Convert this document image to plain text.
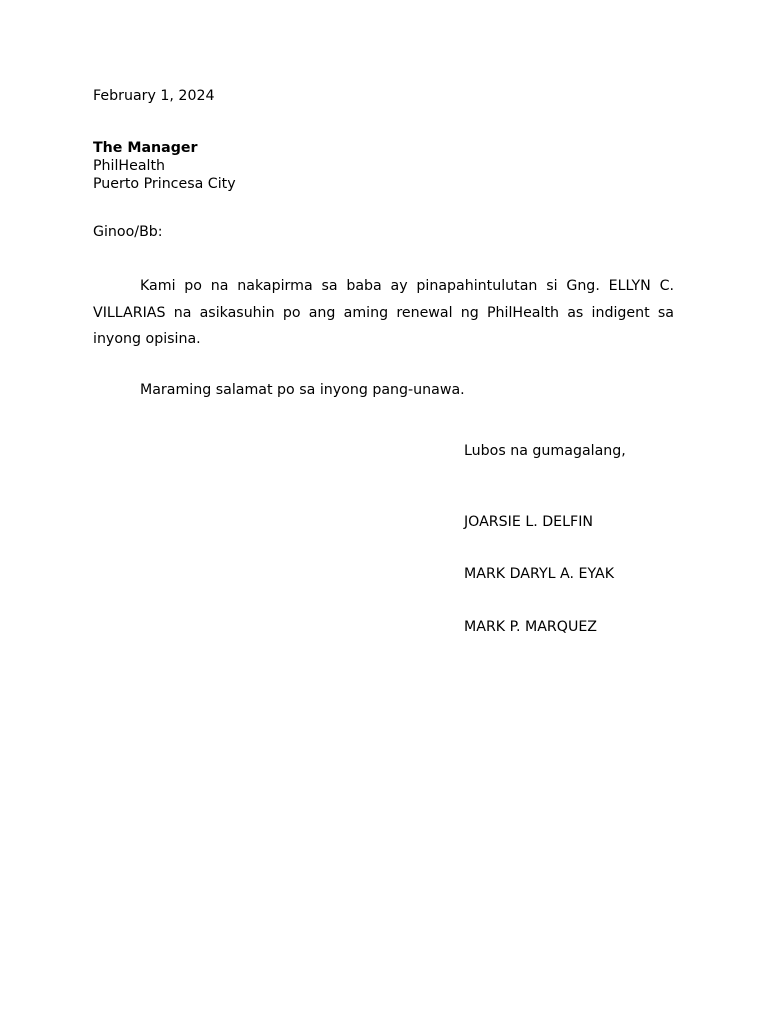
February 1, 2024
The Manager
PhilHealth
Puerto Princesa City
Ginoo/Bb:
Kami po na nakapirma sa baba ay pinapahintulutan si Gng. ELLYN C. VILLARIAS na asikasuhin po ang aming renewal ng PhilHealth as indigent sa inyong opisina.
Maraming salamat po sa inyong pang-unawa.
Lubos na gumagalang,
JOARSIE L. DELFIN
MARK DARYL A. EYAK
MARK P. MARQUEZ
